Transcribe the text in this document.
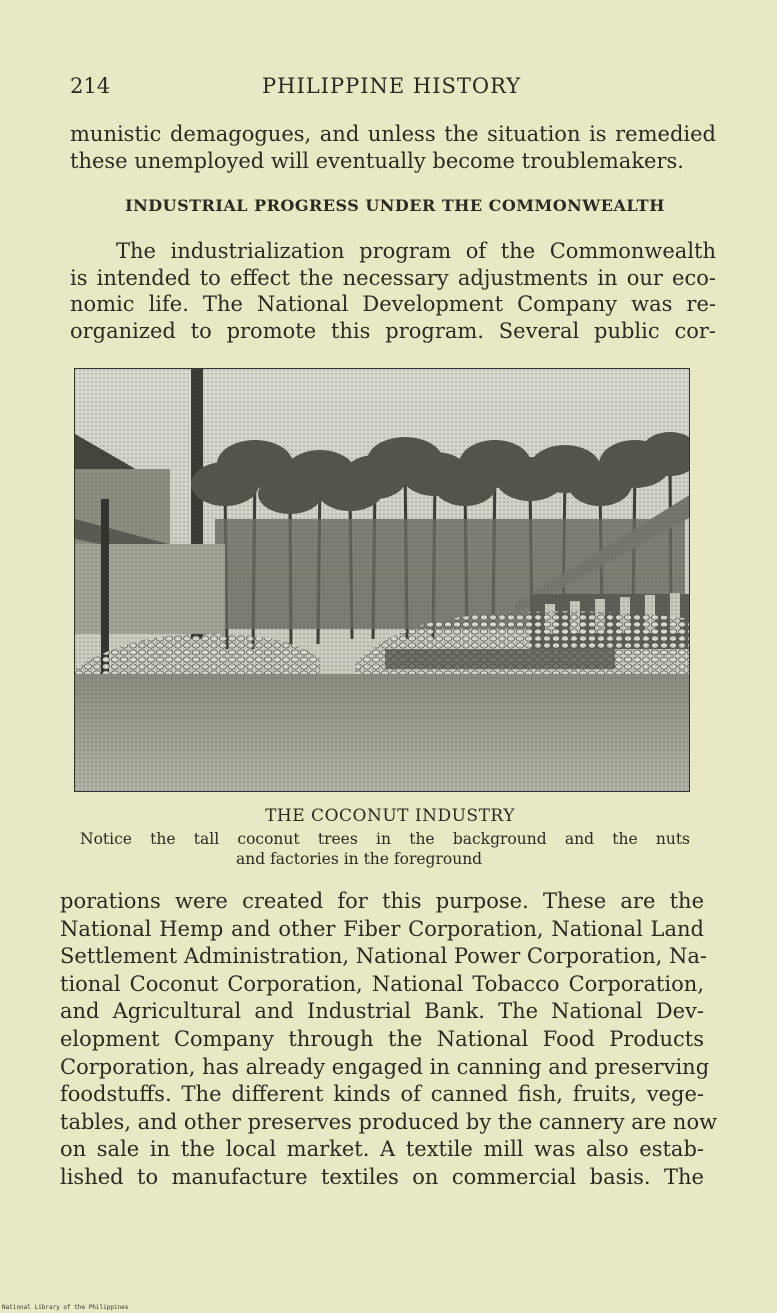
214	PHILIPPINE HISTORY

munistic demagogues, and unless the situation is remedied
these unemployed will eventually become troublemakers.

INDUSTRIAL PROGRESS UNDER THE COMMONWEALTH

The industrialization program of the Commonwealth
is intended to effect the necessary adjustments in our eco-
nomic life. The National Development Company was re-
organized to promote this program. Several public cor-

THE COCONUT INDUSTRY
Notice the tall coconut trees in the background and the nuts
and factories in the foreground

porations were created for this purpose. These are the
National Hemp and other Fiber Corporation, National Land
Settlement Administration, National Power Corporation, Na-
tional Coconut Corporation, National Tobacco Corporation,
and Agricultural and Industrial Bank. The National Dev-
elopment Company through the National Food Products
Corporation, has already engaged in canning and preserving
foodstuffs. The different kinds of canned fish, fruits, vege-
tables, and other preserves produced by the cannery are now
on sale in the local market. A textile mill was also estab-
lished to manufacture textiles on commercial basis. The

National Library of the Philippines
